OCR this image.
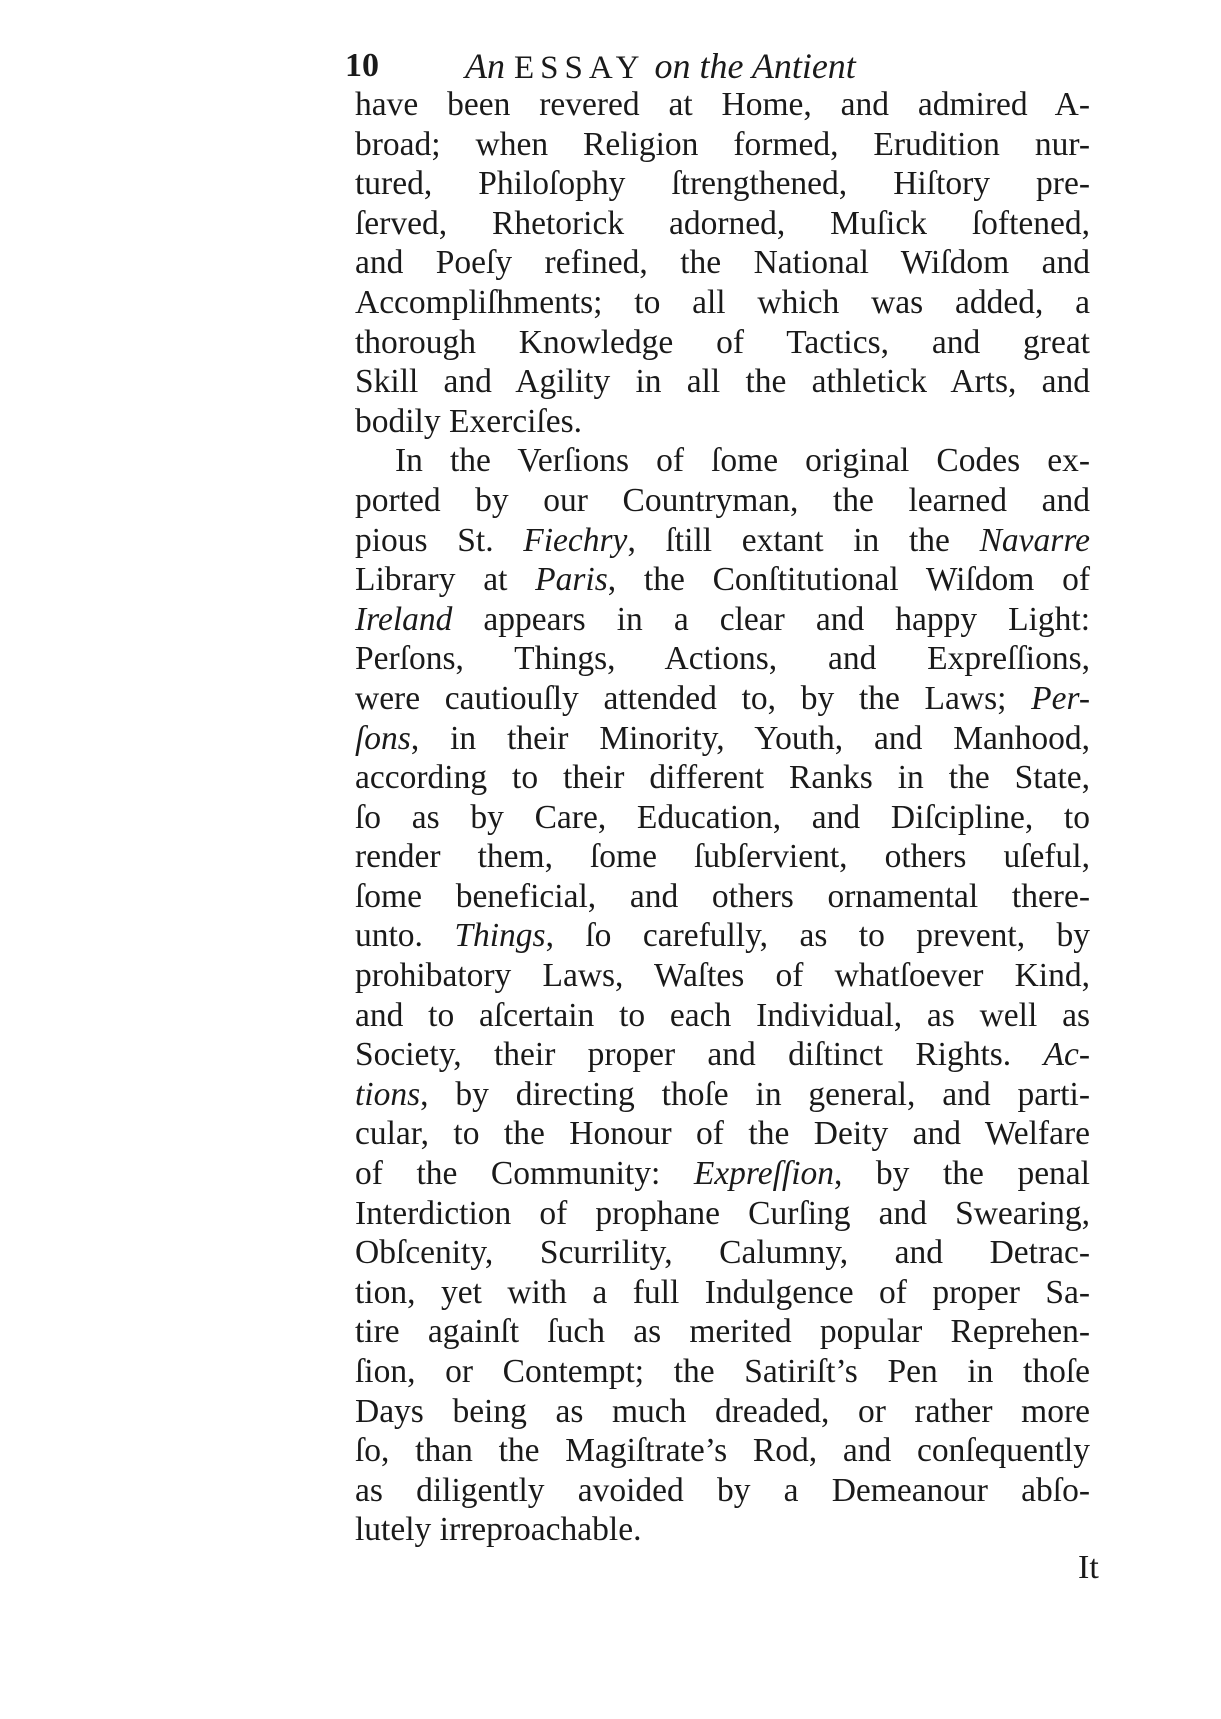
10 An ESSAY on the Antient
have been revered at Home, and admired A-
broad; when Religion formed, Erudition nur-
tured, Philoſophy ſtrengthened, Hiſtory pre-
ſerved, Rhetorick adorned, Muſick ſoftened,
and Poeſy refined, the National Wiſdom and
Accompliſhments; to all which was added, a
thorough Knowledge of Tactics, and great
Skill and Agility in all the athletick Arts, and
bodily Exerciſes.
In the Verſions of ſome original Codes ex-
ported by our Countryman, the learned and
pious St. Fiechry, ſtill extant in the Navarre
Library at Paris, the Conſtitutional Wiſdom of
Ireland appears in a clear and happy Light:
Perſons, Things, Actions, and Expreſſions,
were cautiouſly attended to, by the Laws; Per-
ſons, in their Minority, Youth, and Manhood,
according to their different Ranks in the State,
ſo as by Care, Education, and Diſcipline, to
render them, ſome ſubſervient, others uſeful,
ſome beneficial, and others ornamental there-
unto. Things, ſo carefully, as to prevent, by
prohibatory Laws, Waſtes of whatſoever Kind,
and to aſcertain to each Individual, as well as
Society, their proper and diſtinct Rights. Ac-
tions, by directing thoſe in general, and parti-
cular, to the Honour of the Deity and Welfare
of the Community: Expreſſion, by the penal
Interdiction of prophane Curſing and Swearing,
Obſcenity, Scurrility, Calumny, and Detrac-
tion, yet with a full Indulgence of proper Sa-
tire againſt ſuch as merited popular Reprehen-
ſion, or Contempt; the Satiriſt’s Pen in thoſe
Days being as much dreaded, or rather more
ſo, than the Magiſtrate’s Rod, and conſequently
as diligently avoided by a Demeanour abſo-
lutely irreproachable.
It
